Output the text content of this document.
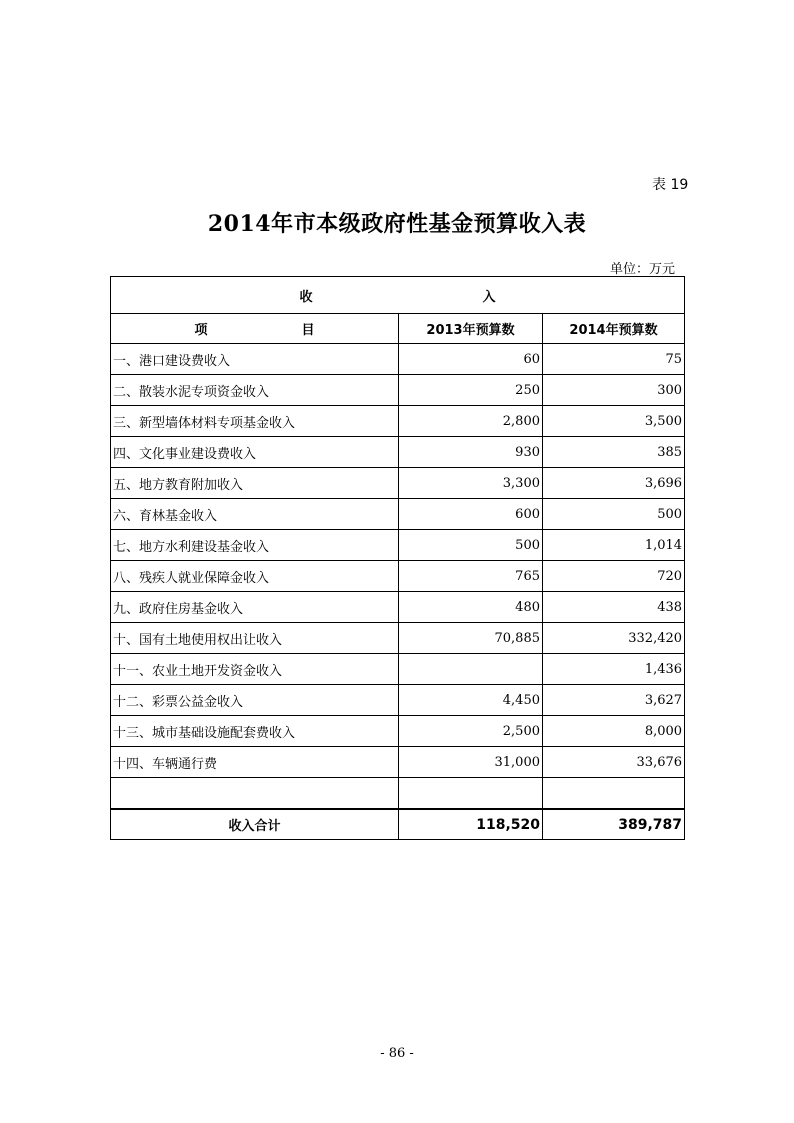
表 19
2014年市本级政府性基金预算收入表
单位：万元
收 入		

项 目	2013年预算数	2014年预算数
一、港口建设费收入	60	75
二、散装水泥专项资金收入	250	300
三、新型墙体材料专项基金收入	2,800	3,500
四、文化事业建设费收入	930	385
五、地方教育附加收入	3,300	3,696
六、育林基金收入	600	500
七、地方水利建设基金收入	500	1,014
八、残疾人就业保障金收入	765	720
九、政府住房基金收入	480	438
十、国有土地使用权出让收入	70,885	332,420
十一、农业土地开发资金收入		1,436
十二、彩票公益金收入	4,450	3,627
十三、城市基础设施配套费收入	2,500	8,000
十四、车辆通行费	31,000	33,676

收入合计	118,520	389,787
- 86 -
